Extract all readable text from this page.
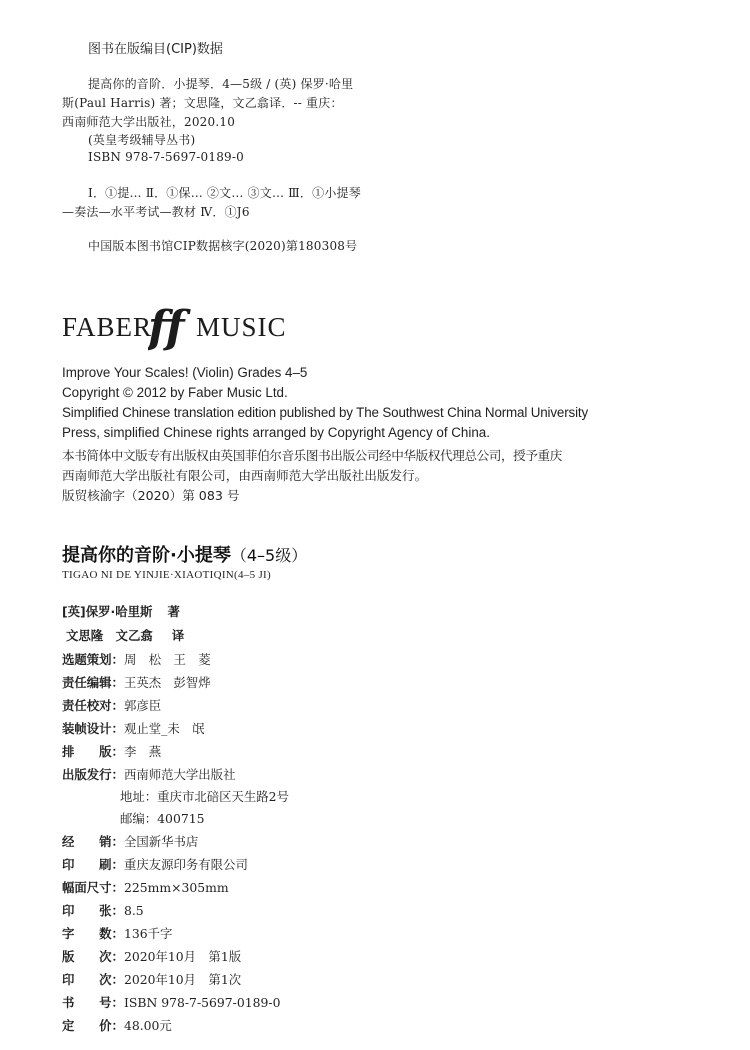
图书在版编目(CIP)数据
提高你的音阶．小提琴．4—5级 / (英) 保罗·哈里
斯(Paul Harris) 著；文思隆，文乙翕译．-- 重庆：
西南师范大学出版社，2020.10
(英皇考级辅导丛书)
ISBN 978-7-5697-0189-0
Ⅰ．①提… Ⅱ．①保… ②文… ③文… Ⅲ．①小提琴
—奏法—水平考试—教材 Ⅳ．①J6
中国版本图书馆CIP数据核字(2020)第180308号
FABER
ff MUSIC
Improve Your Scales! (Violin) Grades 4–5
Copyright © 2012 by Faber Music Ltd.
Simplified Chinese translation edition published by The Southwest China Normal University
Press, simplified Chinese rights arranged by Copyright Agency of China.
本书简体中文版专有出版权由英国菲伯尔音乐图书出版公司经中华版权代理总公司，授予重庆
西南师范大学出版社有限公司，由西南师范大学出版社出版发行。
版贸核渝字（2020）第 083 号
提高你的音阶·小提琴（4–5级）
TIGAO NI DE YINJIE·XIAOTIQIN(4–5 JI)
[英]保罗·哈里斯 著
文思隆　文乙翕 译
选题策划：周　松　王　菱
责任编辑：王英杰　彭智烨
责任校对：郭彦臣
装帧设计：观止堂_未　氓
排　　版：李　燕
出版发行：西南师范大学出版社
地址：重庆市北碚区天生路2号
邮编：400715
经　　销：全国新华书店
印　　刷：重庆友源印务有限公司
幅面尺寸：225mm×305mm
印　　张：8.5
字　　数：136千字
版　　次：2020年10月　第1版
印　　次：2020年10月　第1次
书　　号：ISBN 978-7-5697-0189-0
定　　价：48.00元
